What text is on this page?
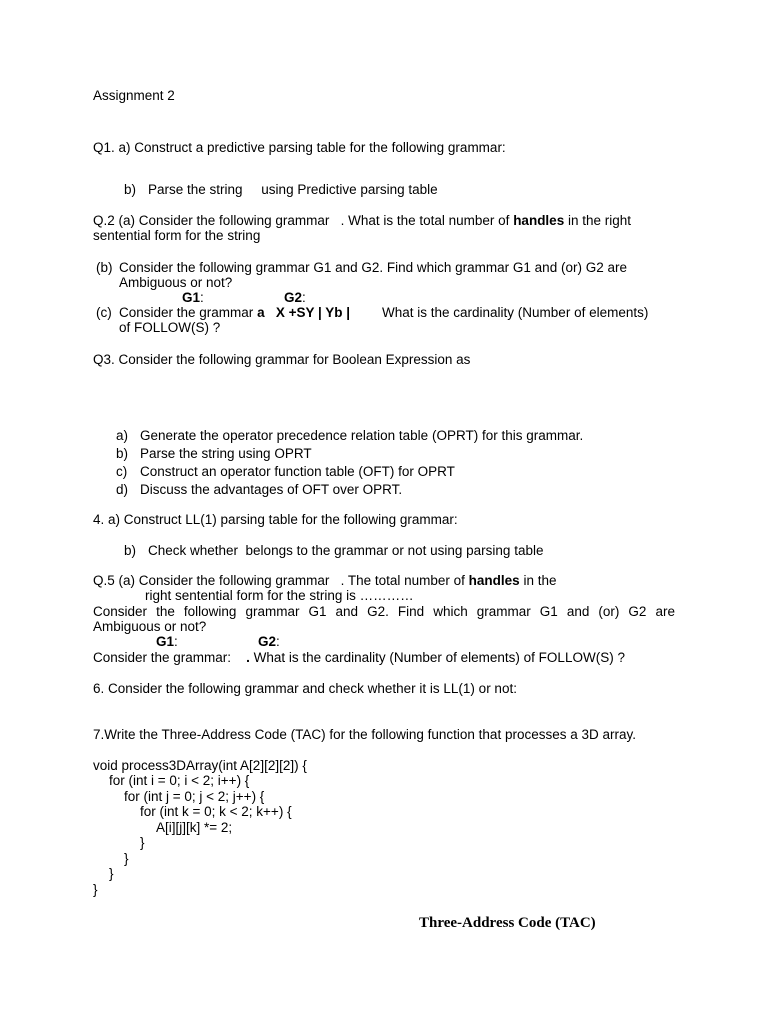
Assignment 2
Q1. a) Construct a predictive parsing table for the following grammar:
b) Parse the string     using Predictive parsing table
Q.2 (a) Consider the following grammar   . What is the total number of handles in the right
sentential form for the string
(b) Consider the following grammar G1 and G2. Find which grammar G1 and (or) G2 are
Ambiguous or not?
G1:	G2:
(c) Consider the grammar a   X +SY | Yb | What is the cardinality (Number of elements)
of FOLLOW(S) ?
Q3. Consider the following grammar for Boolean Expression as
a) Generate the operator precedence relation table (OPRT) for this grammar.
b) Parse the string using OPRT
c) Construct an operator function table (OFT) for OPRT
d) Discuss the advantages of OFT over OPRT.
4. a) Construct LL(1) parsing table for the following grammar:
b) Check whether  belongs to the grammar or not using parsing table
Q.5 (a) Consider the following grammar   . The total number of handles in the
right sentential form for the string is …………
Consider the following grammar G1 and G2. Find which grammar G1 and (or) G2 are
Ambiguous or not?
G1:	G2:
Consider the grammar:    . What is the cardinality (Number of elements) of FOLLOW(S) ?
6. Consider the following grammar and check whether it is LL(1) or not:
7.Write the Three-Address Code (TAC) for the following function that processes a 3D array.
void process3DArray(int A[2][2][2]) {
for (int i = 0; i < 2; i++) {
for (int j = 0; j < 2; j++) {
for (int k = 0; k < 2; k++) {
A[i][j][k] *= 2;
}
}
}
}
Three-Address Code (TAC)
